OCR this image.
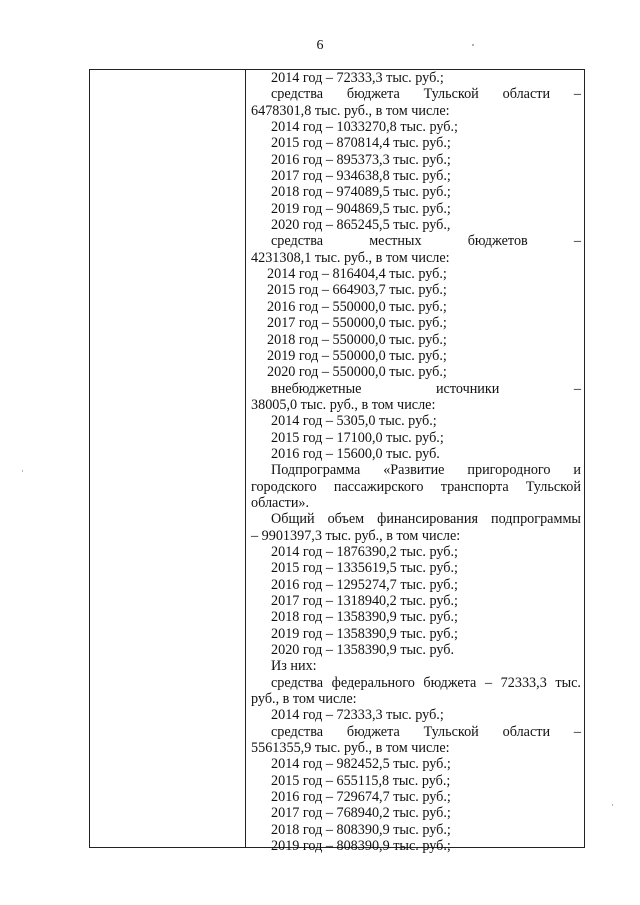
6
2014 год – 72333,3 тыс. руб.;
средства бюджета Тульской области –
6478301,8 тыс. руб., в том числе:
2014 год – 1033270,8 тыс. руб.;
2015 год – 870814,4 тыс. руб.;
2016 год – 895373,3 тыс. руб.;
2017 год – 934638,8 тыс. руб.;
2018 год – 974089,5 тыс. руб.;
2019 год – 904869,5 тыс. руб.;
2020 год – 865245,5 тыс. руб.,
средства	местных	бюджетов	–
4231308,1 тыс. руб., в том числе:
2014 год – 816404,4 тыс. руб.;
2015 год – 664903,7 тыс. руб.;
2016 год – 550000,0 тыс. руб.;
2017 год – 550000,0 тыс. руб.;
2018 год – 550000,0 тыс. руб.;
2019 год – 550000,0 тыс. руб.;
2020 год – 550000,0 тыс. руб.;
внебюджетные	источники	–
38005,0 тыс. руб., в том числе:
2014 год – 5305,0 тыс. руб.;
2015 год – 17100,0 тыс. руб.;
2016 год – 15600,0 тыс. руб.
Подпрограмма «Развитие пригородного и
городского пассажирского транспорта Тульской
области».
Общий объем финансирования подпрограммы
– 9901397,3 тыс. руб., в том числе:
2014 год – 1876390,2 тыс. руб.;
2015 год – 1335619,5 тыс. руб.;
2016 год – 1295274,7 тыс. руб.;
2017 год – 1318940,2 тыс. руб.;
2018 год – 1358390,9 тыс. руб.;
2019 год – 1358390,9 тыс. руб.;
2020 год – 1358390,9 тыс. руб.
Из них:
средства федерального бюджета – 72333,3 тыс.
руб., в том числе:
2014 год – 72333,3 тыс. руб.;
средства бюджета Тульской области –
5561355,9 тыс. руб., в том числе:
2014 год – 982452,5 тыс. руб.;
2015 год – 655115,8 тыс. руб.;
2016 год – 729674,7 тыс. руб.;
2017 год – 768940,2 тыс. руб.;
2018 год – 808390,9 тыс. руб.;
2019 год – 808390,9 тыс. руб.;
